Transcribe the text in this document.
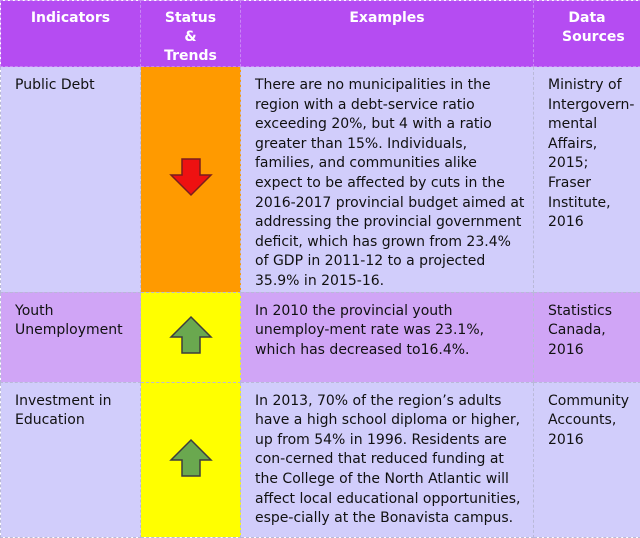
Indicators	Status & Trends	Examples	Data Sources
Public Debt		There are no municipalities in the region with a debt-service ratio exceeding 20%, but 4 with a ratio greater than 15%. Individuals, families, and communities alike expect to be affected by cuts in the 2016-2017 provincial budget aimed at addressing the provincial government deficit, which has grown from 23.4% of GDP in 2011-12 to a projected 35.9% in 2015-16.	Ministry of Intergovern-mental Affairs, 2015; Fraser Institute, 2016
Youth Unemployment		In 2010 the provincial youth unemploy-ment rate was 23.1%, which has decreased to16.4%.	Statistics Canada, 2016
Investment in Education		In 2013, 70% of the region’s adults have a high school diploma or higher, up from 54% in 1996. Residents are con-cerned that reduced funding at the College of the North Atlantic will affect local educational opportunities, espe-cially at the Bonavista campus.	Community Accounts, 2016
